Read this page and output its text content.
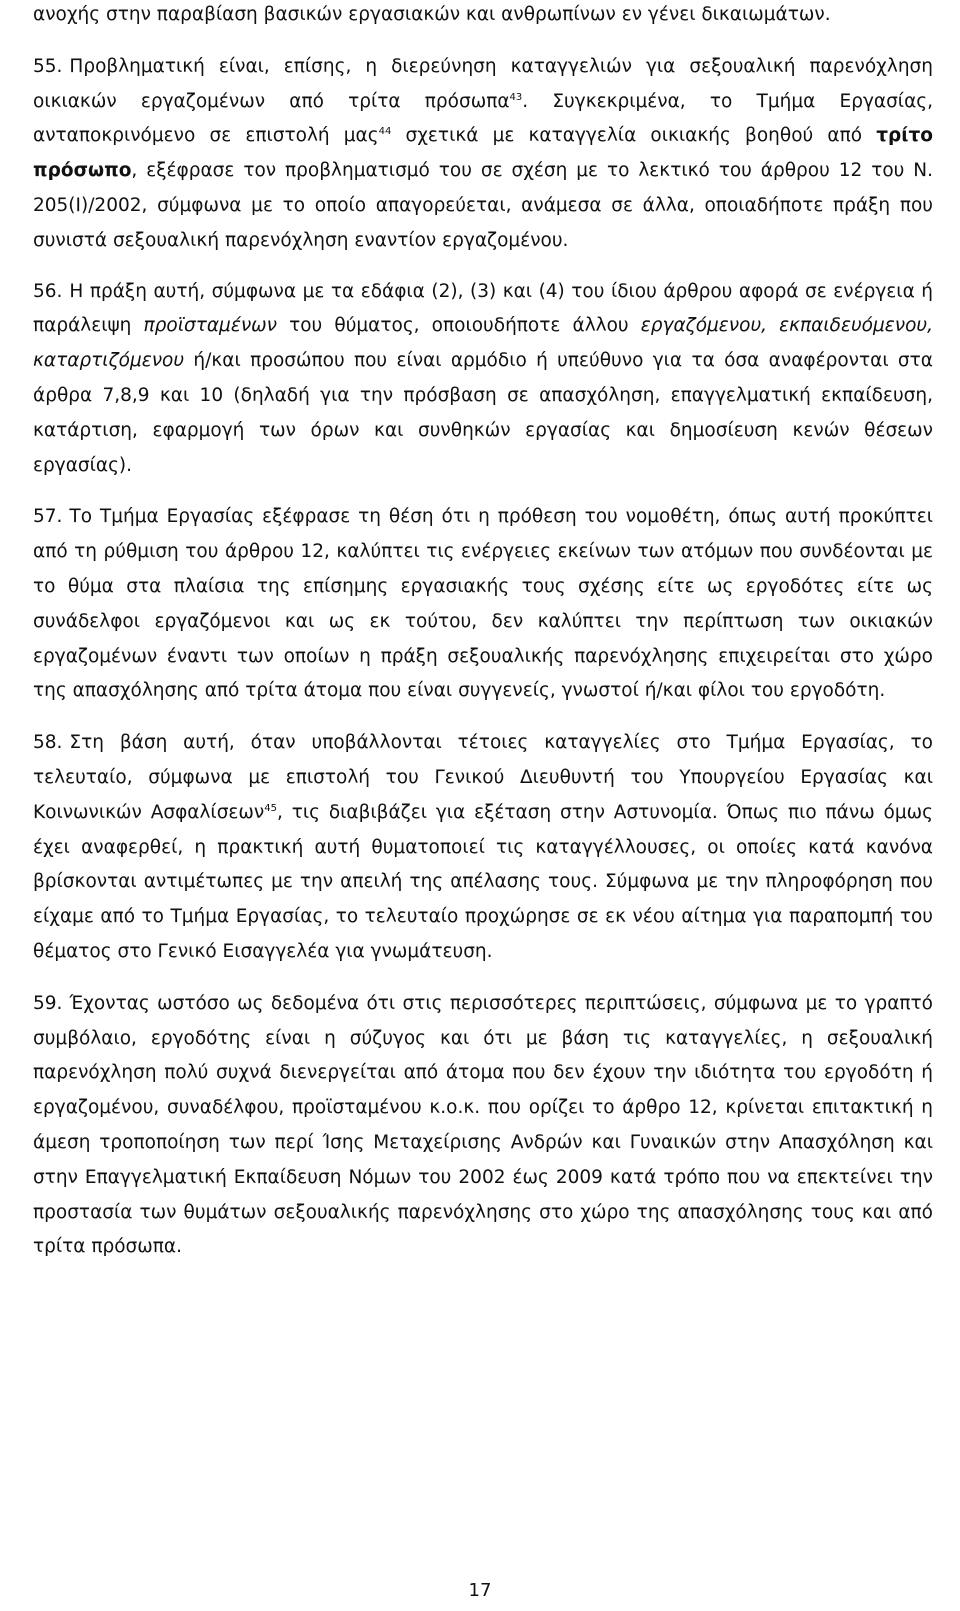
ανοχής στην παραβίαση βασικών εργασιακών και ανθρωπίνων εν γένει δικαιωμάτων.

55. Προβληματική είναι, επίσης, η διερεύνηση καταγγελιών για σεξουαλική παρενόχληση οικιακών εργαζομένων από τρίτα πρόσωπα$^{43}$. Συγκεκριμένα, το Τμήμα Εργασίας, ανταποκρινόμενο σε επιστολή μας$^{44}$ σχετικά με καταγγελία οικιακής βοηθού από τρίτο πρόσωπο, εξέφρασε τον προβληματισμό του σε σχέση με το λεκτικό του άρθρου 12 του Ν. 205(Ι)/2002, σύμφωνα με το οποίο απαγορεύεται, ανάμεσα σε άλλα, οποιαδήποτε πράξη που συνιστά σεξουαλική παρενόχληση εναντίον εργαζομένου.

56. Η πράξη αυτή, σύμφωνα με τα εδάφια (2), (3) και (4) του ίδιου άρθρου αφορά σε ενέργεια ή παράλειψη προϊσταμένων του θύματος, οποιουδήποτε άλλου εργαζόμενου, εκπαιδευόμενου, καταρτιζόμενου ή/και προσώπου που είναι αρμόδιο ή υπεύθυνο για τα όσα αναφέρονται στα άρθρα 7,8,9 και 10 (δηλαδή για την πρόσβαση σε απασχόληση, επαγγελματική εκπαίδευση, κατάρτιση, εφαρμογή των όρων και συνθηκών εργασίας και δημοσίευση κενών θέσεων εργασίας).

57. Το Τμήμα Εργασίας εξέφρασε τη θέση ότι η πρόθεση του νομοθέτη, όπως αυτή προκύπτει από τη ρύθμιση του άρθρου 12, καλύπτει τις ενέργειες εκείνων των ατόμων που συνδέονται με το θύμα στα πλαίσια της επίσημης εργασιακής τους σχέσης είτε ως εργοδότες είτε ως συνάδελφοι εργαζόμενοι και ως εκ τούτου, δεν καλύπτει την περίπτωση των οικιακών εργαζομένων έναντι των οποίων η πράξη σεξουαλικής παρενόχλησης επιχειρείται στο χώρο της απασχόλησης από τρίτα άτομα που είναι συγγενείς, γνωστοί ή/και φίλοι του εργοδότη.

58. Στη βάση αυτή, όταν υποβάλλονται τέτοιες καταγγελίες στο Τμήμα Εργασίας, το τελευταίο, σύμφωνα με επιστολή του Γενικού Διευθυντή του Υπουργείου Εργασίας και Κοινωνικών Ασφαλίσεων$^{45}$, τις διαβιβάζει για εξέταση στην Αστυνομία. Όπως πιο πάνω όμως έχει αναφερθεί, η πρακτική αυτή θυματοποιεί τις καταγγέλλουσες, οι οποίες κατά κανόνα βρίσκονται αντιμέτωπες με την απειλή της απέλασης τους. Σύμφωνα με την πληροφόρηση που είχαμε από το Τμήμα Εργασίας, το τελευταίο προχώρησε σε εκ νέου αίτημα για παραπομπή του θέματος στο Γενικό Εισαγγελέα για γνωμάτευση.

59. Έχοντας ωστόσο ως δεδομένα ότι στις περισσότερες περιπτώσεις, σύμφωνα με το γραπτό συμβόλαιο, εργοδότης είναι η σύζυγος και ότι με βάση τις καταγγελίες, η σεξουαλική παρενόχληση πολύ συχνά διενεργείται από άτομα που δεν έχουν την ιδιότητα του εργοδότη ή εργαζομένου, συναδέλφου, προϊσταμένου κ.ο.κ. που ορίζει το άρθρο 12, κρίνεται επιτακτική η άμεση τροποποίηση των περί Ίσης Μεταχείρισης Ανδρών και Γυναικών στην Απασχόληση και στην Επαγγελματική Εκπαίδευση Νόμων του 2002 έως 2009 κατά τρόπο που να επεκτείνει την προστασία των θυμάτων σεξουαλικής παρενόχλησης στο χώρο της απασχόλησης τους και από τρίτα πρόσωπα.

17
